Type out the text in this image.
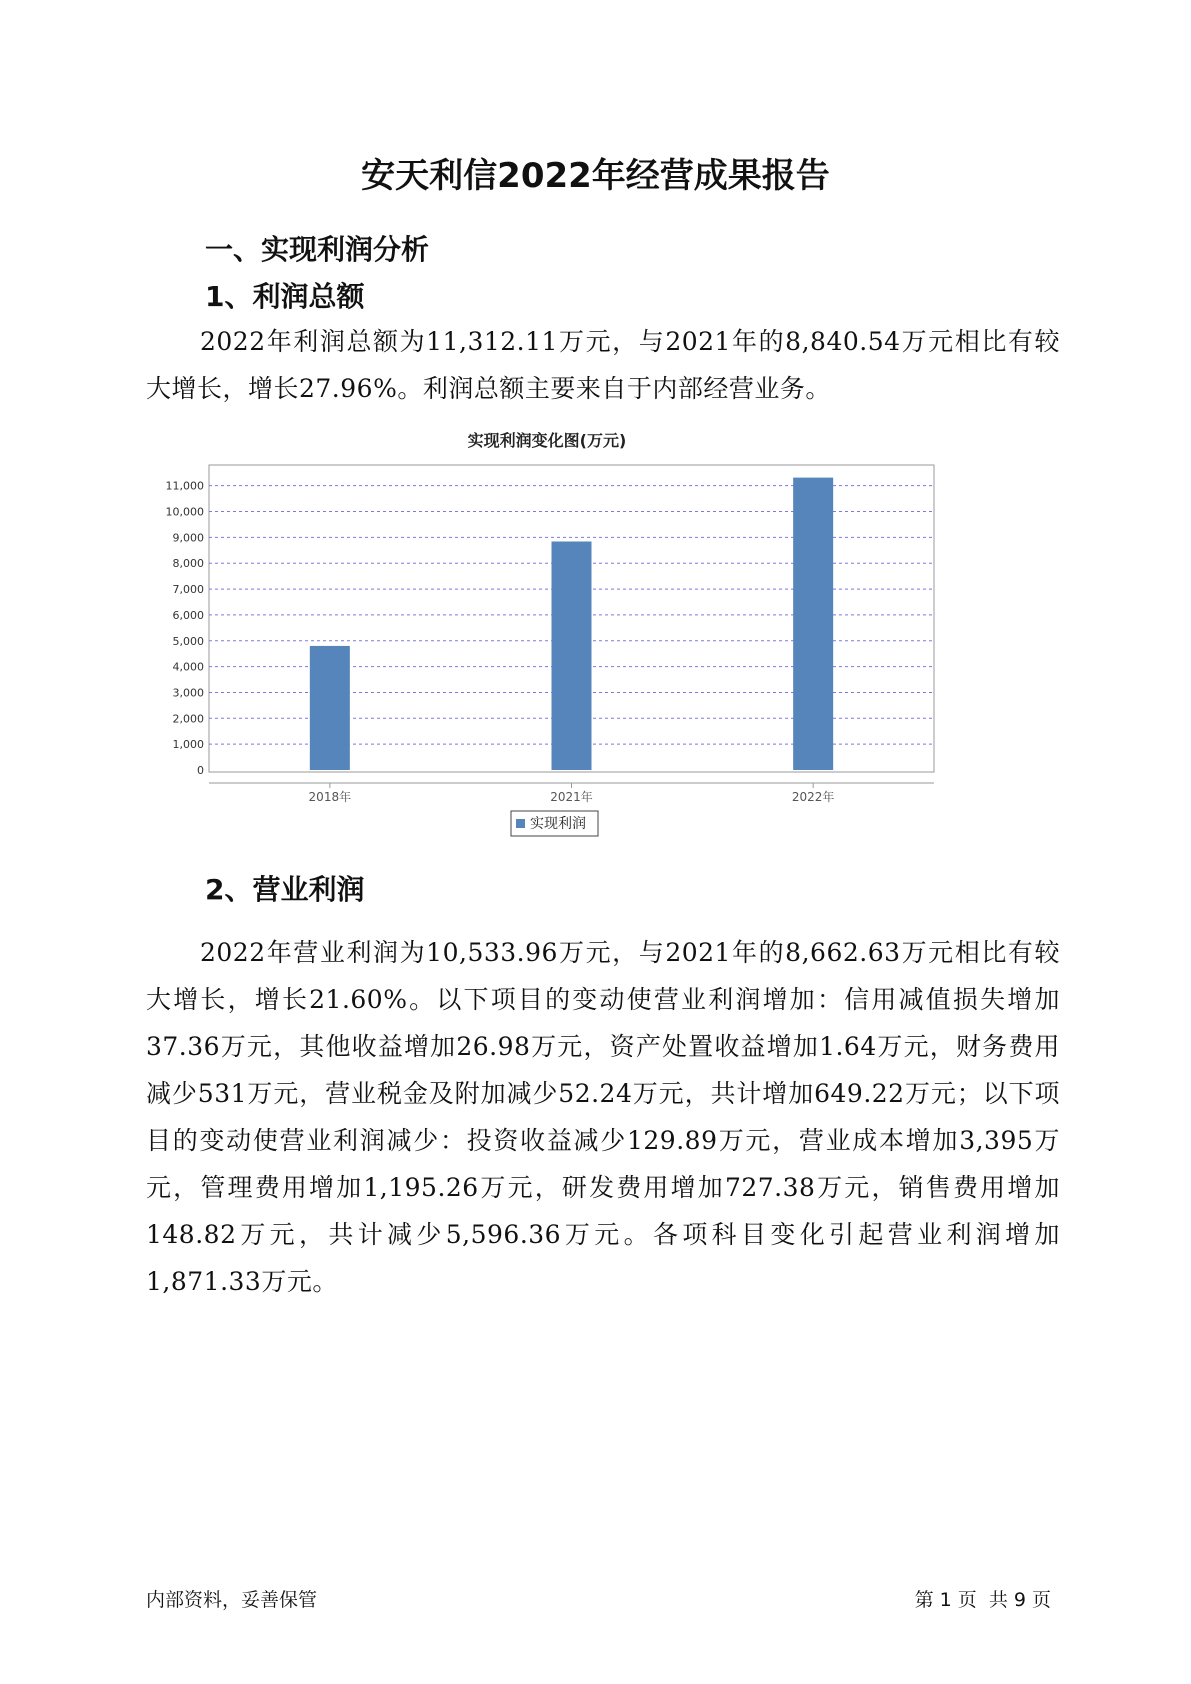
安天利信2022年经营成果报告
一、实现利润分析
1、利润总额
2022年利润总额为11,312.11万元，与2021年的8,840.54万元相比有较大增长，增长27.96%。利润总额主要来自于内部经营业务。
实现利润变化图(万元)
0
1,000
2,000
3,000
4,000
5,000
6,000
7,000
8,000
9,000
10,000
11,000
2018年	2021年	2022年
实现利润
2、营业利润
2022年营业利润为10,533.96万元，与2021年的8,662.63万元相比有较大增长，增长21.60%。以下项目的变动使营业利润增加：信用减值损失增加37.36万元，其他收益增加26.98万元，资产处置收益增加1.64万元，财务费用减少531万元，营业税金及附加减少52.24万元，共计增加649.22万元；以下项目的变动使营业利润减少：投资收益减少129.89万元，营业成本增加3,395万元，管理费用增加1,195.26万元，研发费用增加727.38万元，销售费用增加148.82万元，共计减少5,596.36万元。各项科目变化引起营业利润增加1,871.33万元。
内部资料，妥善保管	第 1 页  共 9 页
